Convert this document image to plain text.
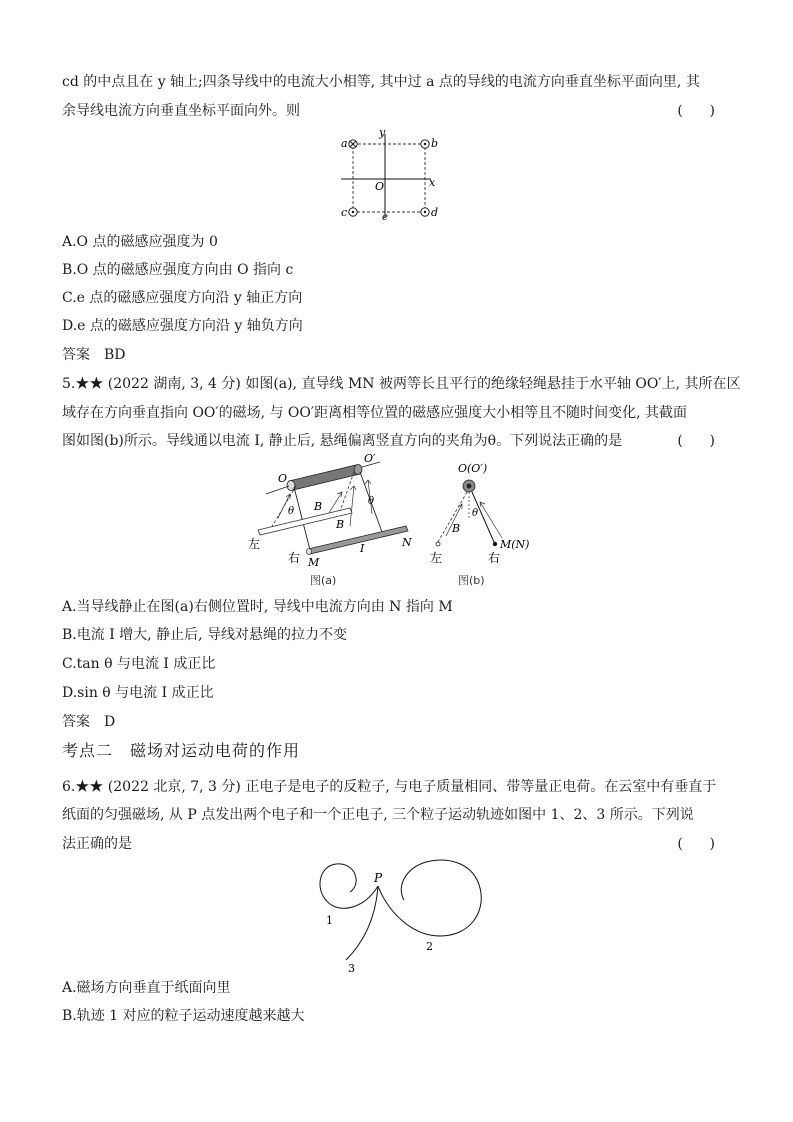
cd 的中点且在 y 轴上;四条导线中的电流大小相等, 其中过 a 点的导线的电流方向垂直坐标平面向里, 其
余导线电流方向垂直坐标平面向外。则	(      )
a	b
c	d
e
O	x
y
A.O 点的磁感应强度为 0
B.O 点的磁感应强度方向由 O 指向 c
C.e 点的磁感应强度方向沿 y 轴正方向
D.e 点的磁感应强度方向沿 y 轴负方向
答案　BD
5.★★ (2022 湖南, 3, 4 分) 如图(a), 直导线 MN 被两等长且平行的绝缘轻绳悬挂于水平轴 OO′上, 其所在区
域存在方向垂直指向 OO′的磁场, 与 OO′距离相等位置的磁感应强度大小相等且不随时间变化, 其截面
图如图(b)所示。导线通以电流 I, 静止后, 悬绳偏离竖直方向的夹角为θ。下列说法正确的是	(      )
O
O′
θ
θ
B
B
左
右 M
N
I
图(a)
O(O′)
θ
B
左	右
M(N)
图(b)
A.当导线静止在图(a)右侧位置时, 导线中电流方向由 N 指向 M
B.电流 I 增大, 静止后, 导线对悬绳的拉力不变
C.tan θ 与电流 I 成正比
D.sin θ 与电流 I 成正比
答案　D
考点二　磁场对运动电荷的作用
6.★★ (2022 北京, 7, 3 分) 正电子是电子的反粒子, 与电子质量相同、带等量正电荷。在云室中有垂直于
纸面的匀强磁场, 从 P 点发出两个电子和一个正电子, 三个粒子运动轨迹如图中 1、2、3 所示。下列说
法正确的是	(      )
P
1
2
3
A.磁场方向垂直于纸面向里
B.轨迹 1 对应的粒子运动速度越来越大
